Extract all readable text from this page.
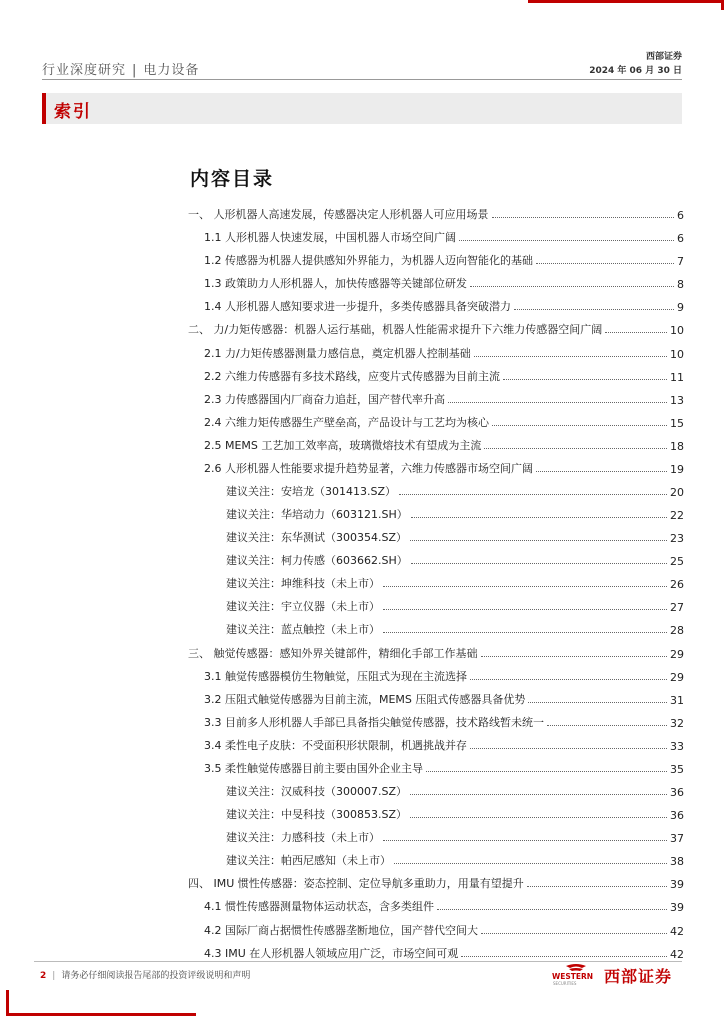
行业深度研究 | 电力设备
西部证券
2024 年 06 月 30 日
索引
内容目录
一、 人形机器人高速发展，传感器决定人形机器人可应用场景	6
1.1 人形机器人快速发展，中国机器人市场空间广阔	6
1.2 传感器为机器人提供感知外界能力，为机器人迈向智能化的基础	7
1.3 政策助力人形机器人，加快传感器等关键部位研发	8
1.4 人形机器人感知要求进一步提升，多类传感器具备突破潜力	9
二、 力/力矩传感器：机器人运行基础，机器人性能需求提升下六维力传感器空间广阔	10
2.1 力/力矩传感器测量力感信息，奠定机器人控制基础	10
2.2 六维力传感器有多技术路线，应变片式传感器为目前主流	11
2.3 力传感器国内厂商奋力追赶，国产替代率升高	13
2.4 六维力矩传感器生产壁垒高，产品设计与工艺均为核心	15
2.5 MEMS 工艺加工效率高，玻璃微熔技术有望成为主流	18
2.6 人形机器人性能要求提升趋势显著，六维力传感器市场空间广阔	19
建议关注：安培龙（301413.SZ）	20
建议关注：华培动力（603121.SH）	22
建议关注：东华测试（300354.SZ）	23
建议关注：柯力传感（603662.SH）	25
建议关注：坤维科技（未上市）	26
建议关注：宇立仪器（未上市）	27
建议关注：蓝点触控（未上市）	28
三、 触觉传感器：感知外界关键部件，精细化手部工作基础	29
3.1 触觉传感器模仿生物触觉，压阻式为现在主流选择	29
3.2 压阻式触觉传感器为目前主流，MEMS 压阻式传感器具备优势	31
3.3 目前多人形机器人手部已具备指尖触觉传感器，技术路线暂未统一	32
3.4 柔性电子皮肤：不受面积形状限制，机遇挑战并存	33
3.5 柔性触觉传感器目前主要由国外企业主导	35
建议关注：汉威科技（300007.SZ）	36
建议关注：中旻科技（300853.SZ）	36
建议关注：力感科技（未上市）	37
建议关注：帕西尼感知（未上市）	38
四、 IMU 惯性传感器：姿态控制、定位导航多重助力，用量有望提升	39
4.1 惯性传感器测量物体运动状态，含多类组件	39
4.2 国际厂商占据惯性传感器垄断地位，国产替代空间大	42
4.3 IMU 在人形机器人领域应用广泛，市场空间可观	42
2 | 请务必仔细阅读报告尾部的投资评级说明和声明	WESTERN
SECURITIES 西部证券
